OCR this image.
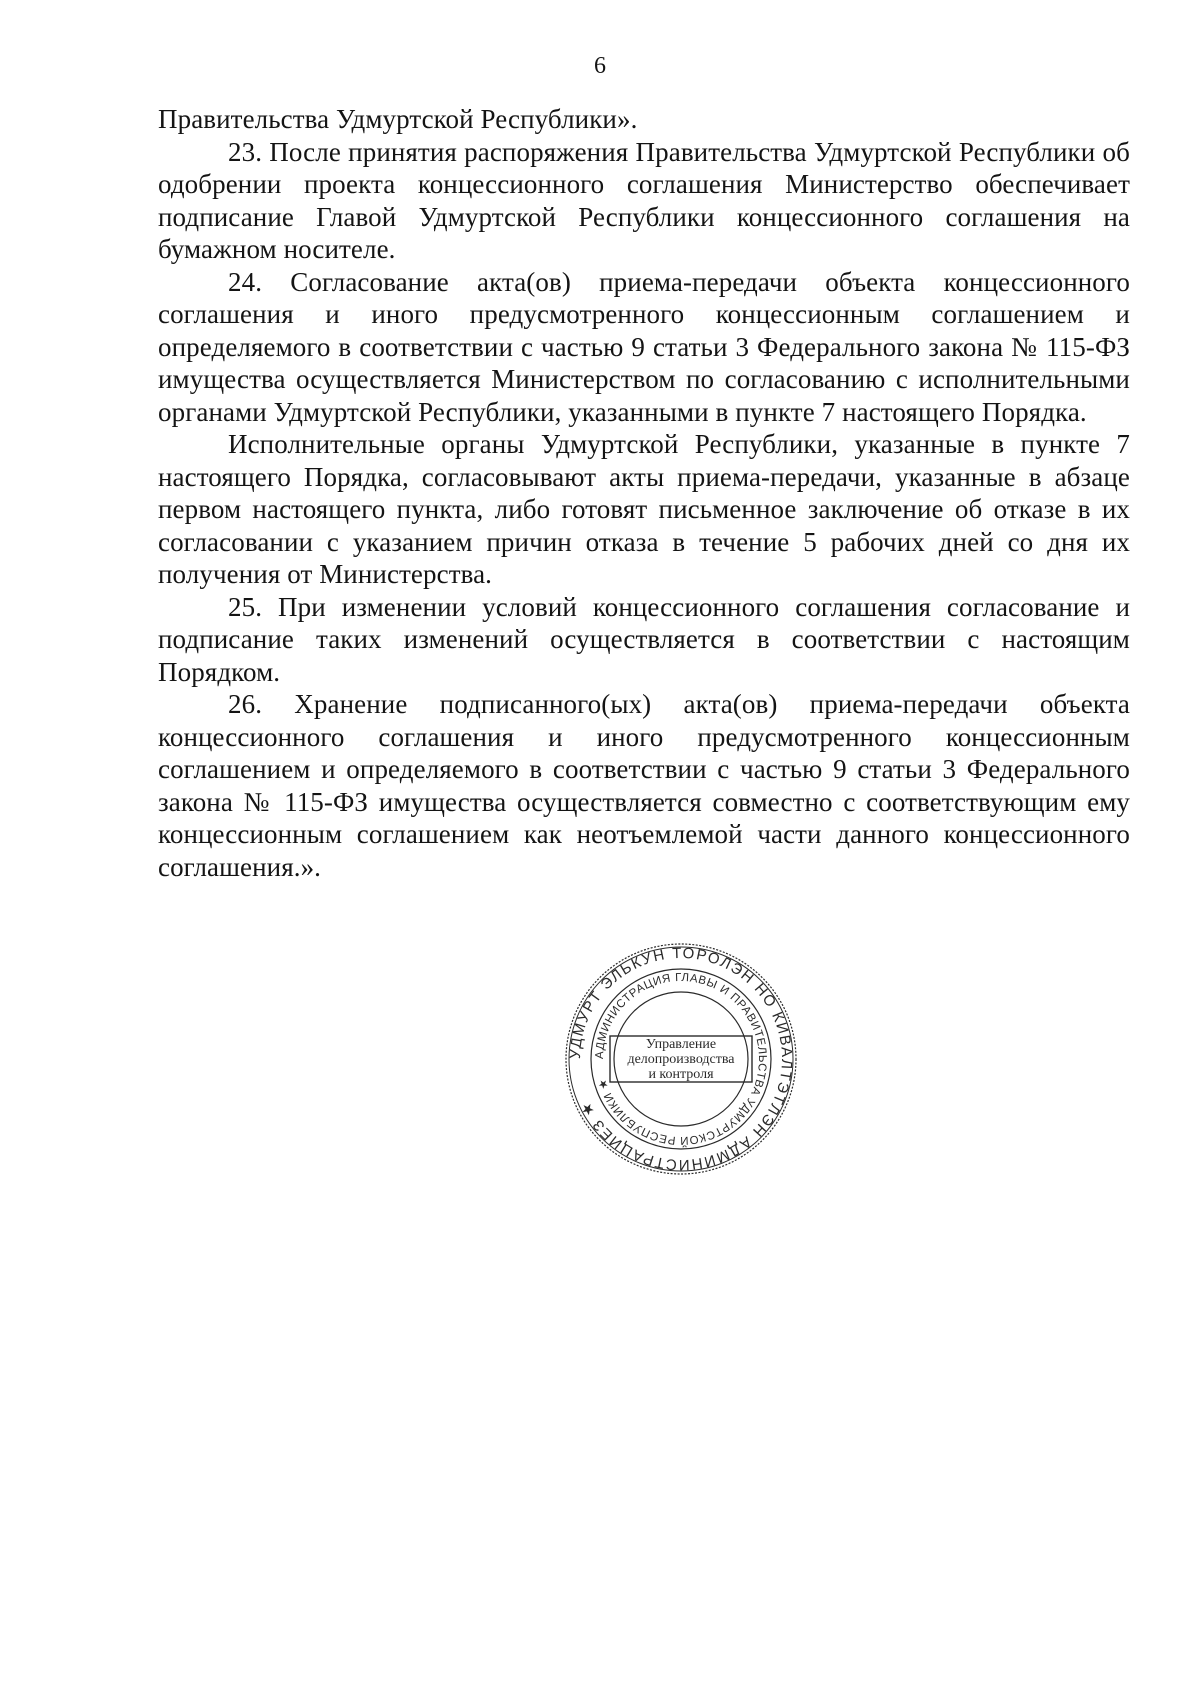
6

Правительства Удмуртской Республики».

23. После принятия распоряжения Правительства Удмуртской Республики об одобрении проекта концессионного соглашения Министерство обеспечивает подписание Главой Удмуртской Республики концессионного соглашения на бумажном носителе.

24. Согласование акта(ов) приема-передачи объекта концессионного соглашения и иного предусмотренного концессионным соглашением и определяемого в соответствии с частью 9 статьи 3 Федерального закона № 115-ФЗ имущества осуществляется Министерством по согласованию с исполнительными органами Удмуртской Республики, указанными в пункте 7 настоящего Порядка.

Исполнительные органы Удмуртской Республики, указанные в пункте 7 настоящего Порядка, согласовывают акты приема-передачи, указанные в абзаце первом настоящего пункта, либо готовят письменное заключение об отказе в их согласовании с указанием причин отказа в течение 5 рабочих дней со дня их получения от Министерства.

25. При изменении условий концессионного соглашения согласование и подписание таких изменений осуществляется в соответствии с настоящим Порядком.

26. Хранение подписанного(ых) акта(ов) приема-передачи объекта концессионного соглашения и иного предусмотренного концессионным соглашением и определяемого в соответствии с частью 9 статьи 3 Федерального закона № 115-ФЗ имущества осуществляется совместно с соответствующим ему концессионным соглашением как неотъемлемой части данного концессионного соглашения.».

УДМУРТ ЭЛЬКУН ТОРОЛЭН НО КИВАЛТЭТЛЭН АДМИНИСТРАЦИЕЗ ★
АДМИНИСТРАЦИЯ ГЛАВЫ И ПРАВИТЕЛЬСТВА УДМУРТСКОЙ РЕСПУБЛИКИ ★
Управление
делопроизводства
и контроля
